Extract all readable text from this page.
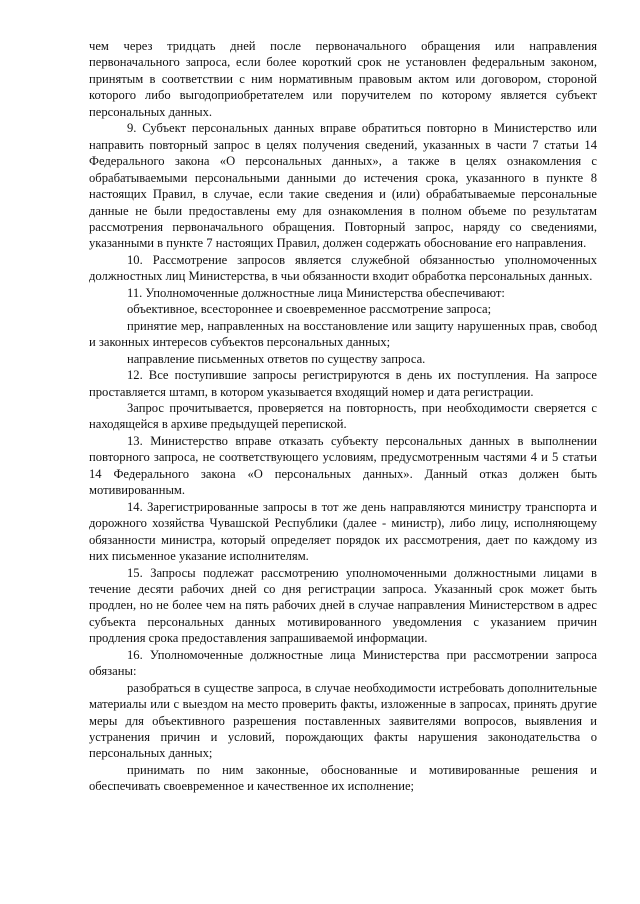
чем через тридцать дней после первоначального обращения или направления первоначального запроса, если более короткий срок не установлен федеральным законом, принятым в соответствии с ним нормативным правовым актом или договором, стороной которого либо выгодоприобретателем или поручителем по которому является субъект персональных данных.

9. Субъект персональных данных вправе обратиться повторно в Министерство или направить повторный запрос в целях получения сведений, указанных в части 7 статьи 14 Федерального закона «О персональных данных», а также в целях ознакомления с обрабатываемыми персональными данными до истечения срока, указанного в пункте 8 настоящих Правил, в случае, если такие сведения и (или) обрабатываемые персональные данные не были предоставлены ему для ознакомления в полном объеме по результатам рассмотрения первоначального обращения. Повторный запрос, наряду со сведениями, указанными в пункте 7 настоящих Правил, должен содержать обоснование его направления.

10. Рассмотрение запросов является служебной обязанностью уполномоченных должностных лиц Министерства, в чьи обязанности входит обработка персональных данных.

11. Уполномоченные должностные лица Министерства обеспечивают:

объективное, всестороннее и своевременное рассмотрение запроса;

принятие мер, направленных на восстановление или защиту нарушенных прав, свобод и законных интересов субъектов персональных данных;

направление письменных ответов по существу запроса.

12. Все поступившие запросы регистрируются в день их поступления. На запросе проставляется штамп, в котором указывается входящий номер и дата регистрации.

Запрос прочитывается, проверяется на повторность, при необходимости сверяется с находящейся в архиве предыдущей перепиской.

13. Министерство вправе отказать субъекту персональных данных в выполнении повторного запроса, не соответствующего условиям, предусмотренным частями 4 и 5 статьи 14 Федерального закона «О персональных данных». Данный отказ должен быть мотивированным.

14. Зарегистрированные запросы в тот же день направляются министру транспорта и дорожного хозяйства Чувашской Республики (далее - министр), либо лицу, исполняющему обязанности министра, который определяет порядок их рассмотрения, дает по каждому из них письменное указание исполнителям.

15. Запросы подлежат рассмотрению уполномоченными должностными лицами в течение десяти рабочих дней со дня регистрации запроса. Указанный срок может быть продлен, но не более чем на пять рабочих дней в случае направления Министерством в адрес субъекта персональных данных мотивированного уведомления с указанием причин продления срока предоставления запрашиваемой информации.

16. Уполномоченные должностные лица Министерства при рассмотрении запроса обязаны:

разобраться в существе запроса, в случае необходимости истребовать дополнительные материалы или с выездом на место проверить факты, изложенные в запросах, принять другие меры для объективного разрешения поставленных заявителями вопросов, выявления и устранения причин и условий, порождающих факты нарушения законодательства о персональных данных;

принимать по ним законные, обоснованные и мотивированные решения и обеспечивать своевременное и качественное их исполнение;
